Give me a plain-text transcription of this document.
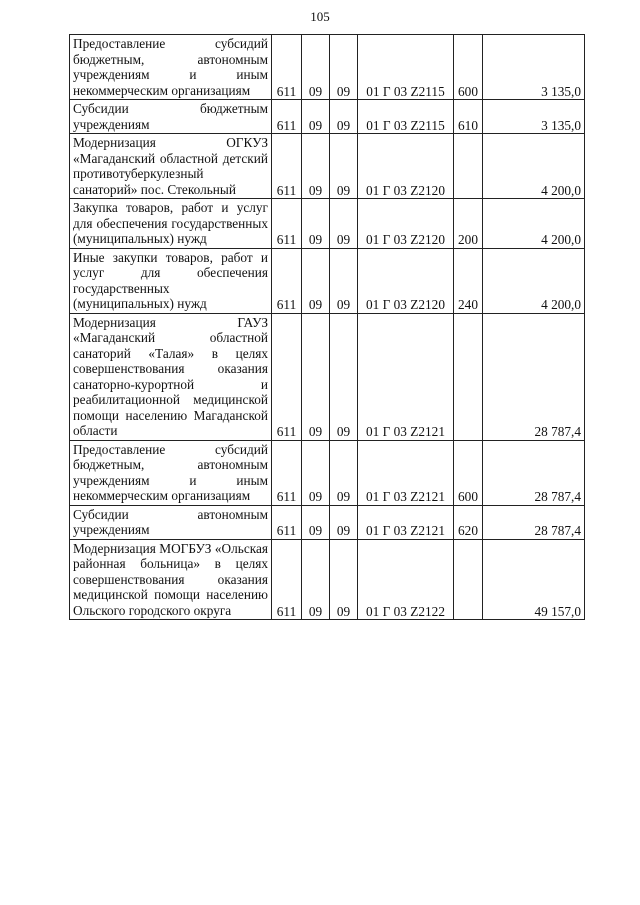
105
Предоставление субсидий бюджетным, автономным учреждениям и иным некоммерческим организациям	611	09	09	01 Г 03 Z2115	600	3 135,0
Субсидии бюджетным учреждениям	611	09	09	01 Г 03 Z2115	610	3 135,0
Модернизация ОГКУЗ «Магаданский областной детский противотуберкулезный санаторий» пос. Стекольный	611	09	09	01 Г 03 Z2120		4 200,0
Закупка товаров, работ и услуг для обеспечения государственных (муниципальных) нужд	611	09	09	01 Г 03 Z2120	200	4 200,0
Иные закупки товаров, работ и услуг для обеспечения государственных (муниципальных) нужд	611	09	09	01 Г 03 Z2120	240	4 200,0
Модернизация ГАУЗ «Магаданский областной санаторий «Талая» в целях совершенствования оказания санаторно-курортной и реабилитационной медицинской помощи населению Магаданской области	611	09	09	01 Г 03 Z2121		28 787,4
Предоставление субсидий бюджетным, автономным учреждениям и иным некоммерческим организациям	611	09	09	01 Г 03 Z2121	600	28 787,4
Субсидии автономным учреждениям	611	09	09	01 Г 03 Z2121	620	28 787,4
Модернизация МОГБУЗ «Ольская районная больница» в целях совершенствования оказания медицинской помощи населению Ольского городского округа	611	09	09	01 Г 03 Z2122		49 157,0
